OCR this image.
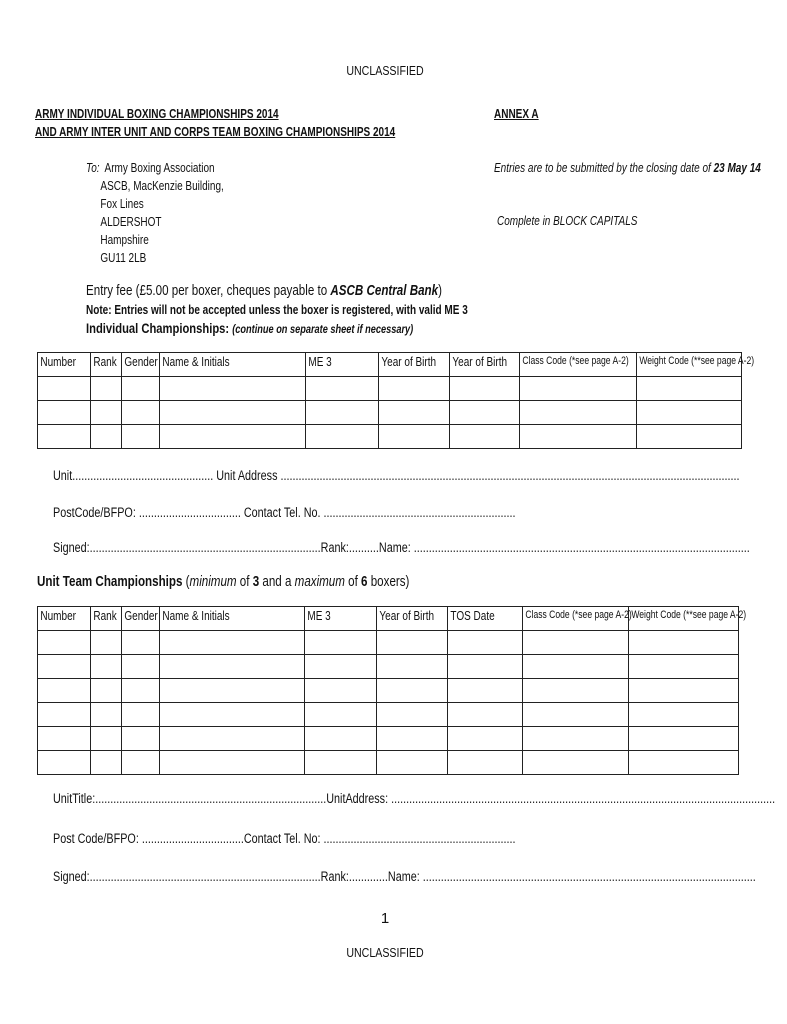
UNCLASSIFIED
ARMY INDIVIDUAL BOXING CHAMPIONSHIPS 2014
AND ARMY INTER UNIT AND CORPS TEAM BOXING CHAMPIONSHIPS 2014
ANNEX A
To: Army Boxing Association
ASCB, MacKenzie Building,
Fox Lines
ALDERSHOT
Hampshire
GU11 2LB
Entries are to be submitted by the closing date of 23 May 14
Complete in BLOCK CAPITALS
Entry fee (£5.00 per boxer, cheques payable to ASCB Central Bank)
Note: Entries will not be accepted unless the boxer is registered, with valid ME 3
Individual Championships: (continue on separate sheet if necessary)
Number	Rank	Gender	Name & Initials	ME 3	Year of Birth	Year of Birth	Class Code (*see page A-2)	Weight Code (**see page A-2)

Unit............................................... Unit Address .........................................................................................................................................................
PostCode/BFPO: .................................. Contact Tel. No. ................................................................
Signed:.............................................................................Rank:..........Name: ................................................................................................................
Unit Team Championships (minimum of 3 and a maximum of 6 boxers)
Number	Rank	Gender	Name & Initials	ME 3	Year of Birth	TOS Date	Class Code (*see page A-2)	Weight Code (**see page A-2)

UnitTitle:.............................................................................UnitAddress: ................................................................................................................................
Post Code/BFPO: ..................................Contact Tel. No: ................................................................
Signed:.............................................................................Rank:.............Name: ...............................................................................................................
1
UNCLASSIFIED
